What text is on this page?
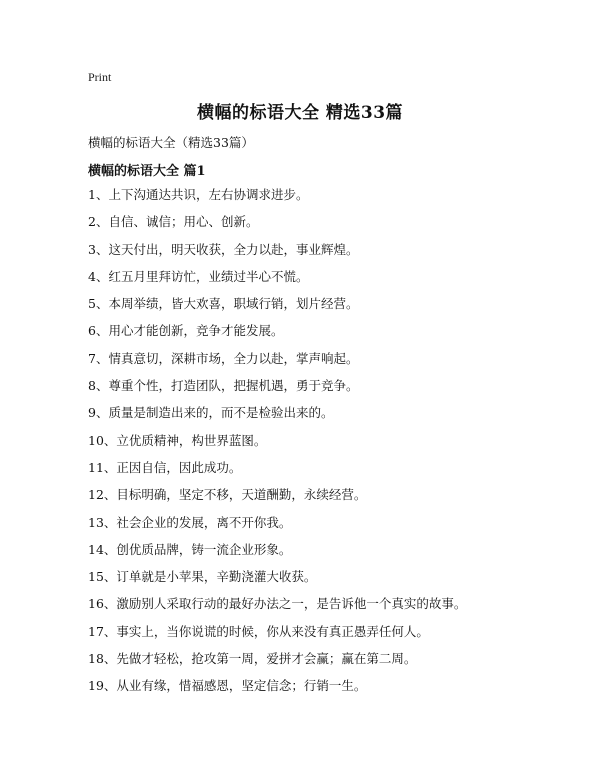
Print
横幅的标语大全 精选33篇
横幅的标语大全（精选33篇）
横幅的标语大全 篇1
1、上下沟通达共识，左右协调求进步。
2、自信、诚信；用心、创新。
3、这天付出，明天收获，全力以赴，事业辉煌。
4、红五月里拜访忙，业绩过半心不慌。
5、本周举绩，皆大欢喜，职域行销，划片经营。
6、用心才能创新，竞争才能发展。
7、情真意切，深耕市场，全力以赴，掌声响起。
8、尊重个性，打造团队，把握机遇，勇于竞争。
9、质量是制造出来的，而不是检验出来的。
10、立优质精神，构世界蓝图。
11、正因自信，因此成功。
12、目标明确，坚定不移，天道酬勤，永续经营。
13、社会企业的发展，离不开你我。
14、创优质品牌，铸一流企业形象。
15、订单就是小苹果，辛勤浇灌大收获。
16、激励别人采取行动的最好办法之一，是告诉他一个真实的故事。
17、事实上，当你说谎的时候，你从来没有真正愚弄任何人。
18、先做才轻松，抢攻第一周，爱拼才会赢；赢在第二周。
19、从业有缘，惜福感恩，坚定信念；行销一生。
